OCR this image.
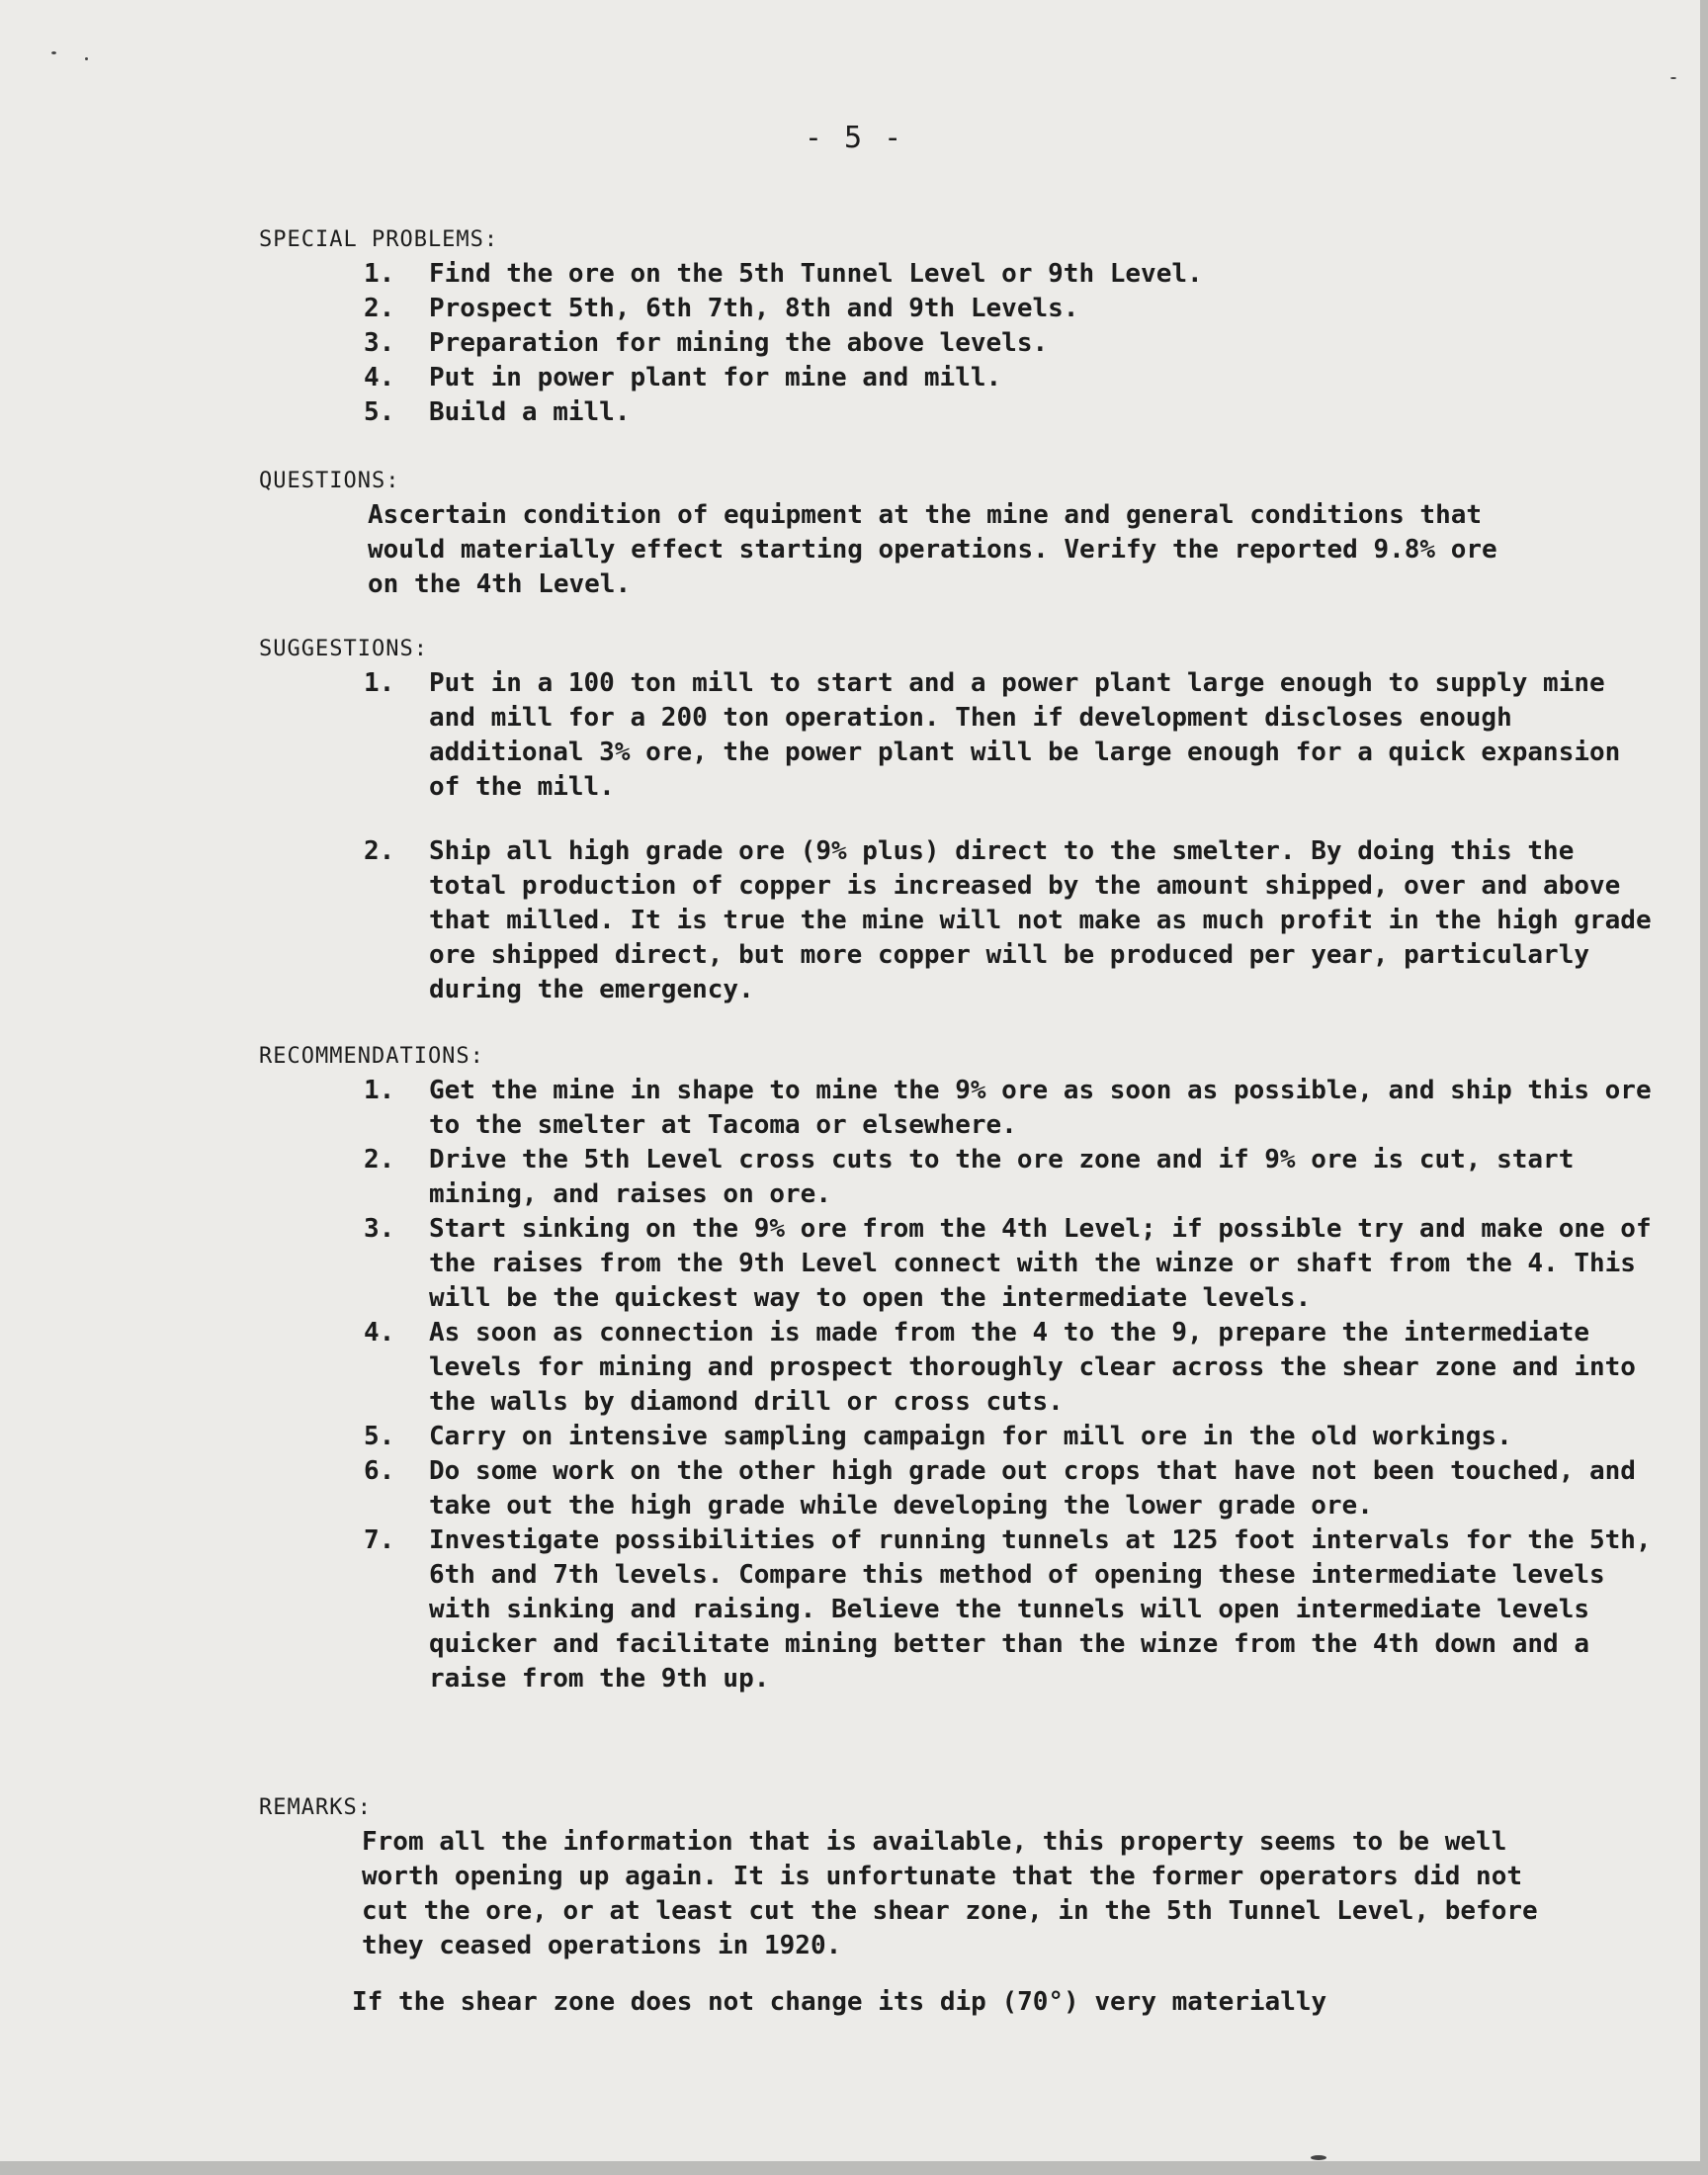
- 5 -
SPECIAL PROBLEMS:
1.	Find the ore on the 5th Tunnel Level or 9th Level.
2.	Prospect 5th, 6th 7th, 8th and 9th Levels.
3.	Preparation for mining the above levels.
4.	Put in power plant for mine and mill.
5.	Build a mill.
QUESTIONS:

Ascertain condition of equipment at the mine and general conditions that would materially effect starting operations. Verify the reported 9.8% ore on the 4th Level.

SUGGESTIONS:
1.	Put in a 100 ton mill to start and a power plant large enough to supply mine and mill for a 200 ton operation. Then if development discloses enough additional 3% ore, the power plant will be large enough for a quick expansion of the mill.
2.	Ship all high grade ore (9% plus) direct to the smelter. By doing this the total production of copper is increased by the amount shipped, over and above that milled. It is true the mine will not make as much profit in the high grade ore shipped direct, but more copper will be produced per year, particularly during the emergency.
RECOMMENDATIONS:
1.	Get the mine in shape to mine the 9% ore as soon as possible, and ship this ore to the smelter at Tacoma or elsewhere.
2.	Drive the 5th Level cross cuts to the ore zone and if 9% ore is cut, start mining, and raises on ore.
3.	Start sinking on the 9% ore from the 4th Level; if possible try and make one of the raises from the 9th Level connect with the winze or shaft from the 4. This will be the quickest way to open the intermediate levels.
4.	As soon as connection is made from the 4 to the 9, prepare the intermediate levels for mining and prospect thoroughly clear across the shear zone and into the walls by diamond drill or cross cuts.
5.	Carry on intensive sampling campaign for mill ore in the old workings.
6.	Do some work on the other high grade out crops that have not been touched, and take out the high grade while developing the lower grade ore.
7.	Investigate possibilities of running tunnels at 125 foot intervals for the 5th, 6th and 7th levels. Compare this method of opening these intermediate levels with sinking and raising. Believe the tunnels will open intermediate levels quicker and facilitate mining better than the winze from the 4th down and a raise from the 9th up.
REMARKS:

From all the information that is available, this property seems to be well worth opening up again. It is unfortunate that the former operators did not cut the ore, or at least cut the shear zone, in the 5th Tunnel Level, before they ceased operations in 1920.

If the shear zone does not change its dip (70°) very materially
